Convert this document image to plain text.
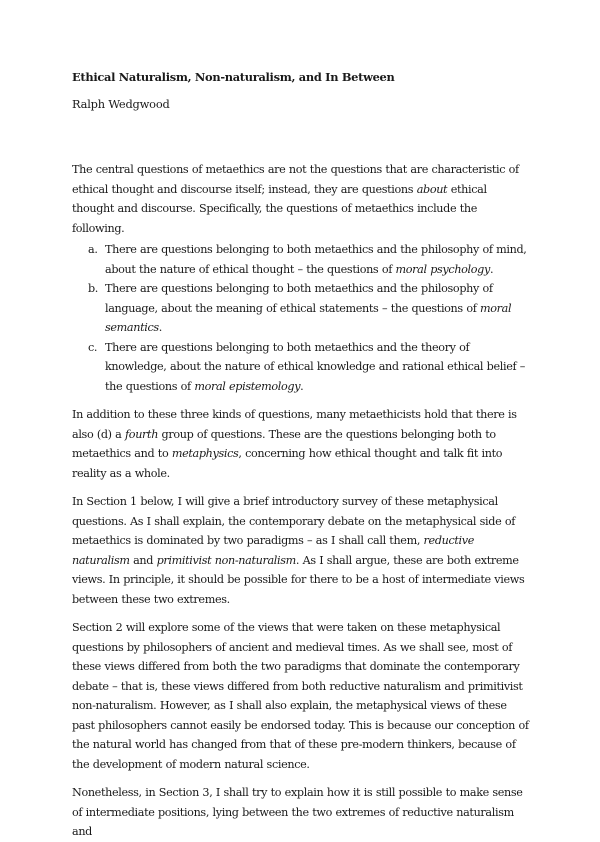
Ethical Naturalism, Non-naturalism, and In Between

Ralph Wedgwood

The central questions of metaethics are not the questions that are characteristic of ethical thought and discourse itself; instead, they are questions about ethical thought and discourse. Specifically, the questions of metaethics include the following.

a. There are questions belonging to both metaethics and the philosophy of mind, about the nature of ethical thought – the questions of moral psychology.
b. There are questions belonging to both metaethics and the philosophy of language, about the meaning of ethical statements – the questions of moral semantics.
c. There are questions belonging to both metaethics and the theory of knowledge, about the nature of ethical knowledge and rational ethical belief – the questions of moral epistemology.

In addition to these three kinds of questions, many metaethicists hold that there is also (d) a fourth group of questions. These are the questions belonging both to metaethics and to metaphysics, concerning how ethical thought and talk fit into reality as a whole.

In Section 1 below, I will give a brief introductory survey of these metaphysical questions. As I shall explain, the contemporary debate on the metaphysical side of metaethics is dominated by two paradigms – as I shall call them, reductive naturalism and primitivist non-naturalism. As I shall argue, these are both extreme views. In principle, it should be possible for there to be a host of intermediate views between these two extremes.

Section 2 will explore some of the views that were taken on these metaphysical questions by philosophers of ancient and medieval times. As we shall see, most of these views differed from both the two paradigms that dominate the contemporary debate – that is, these views differed from both reductive naturalism and primitivist non-naturalism. However, as I shall also explain, the metaphysical views of these past philosophers cannot easily be endorsed today. This is because our conception of the natural world has changed from that of these pre-modern thinkers, because of the development of modern natural science.

Nonetheless, in Section 3, I shall try to explain how it is still possible to make sense of intermediate positions, lying between the two extremes of reductive naturalism and
